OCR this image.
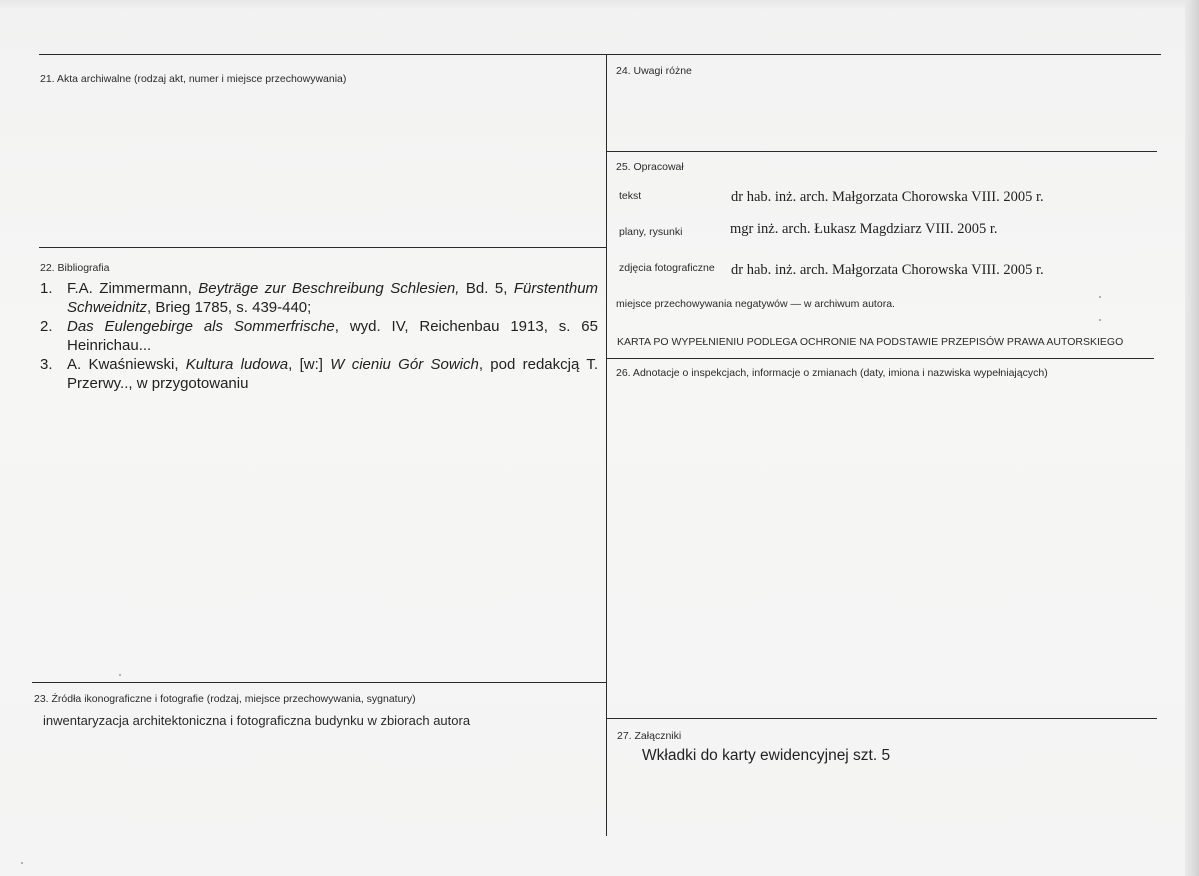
21. Akta archiwalne (rodzaj akt, numer i miejsce przechowywania)
22. Bibliografia
1. F.A. Zimmermann, Beyträge zur Beschreibung Schlesien, Bd. 5, Fürstenthum Schweidnitz, Brieg 1785, s. 439-440;
2. Das Eulengebirge als Sommerfrische, wyd. IV, Reichenbau 1913, s. 65 Heinrichau...
3. A. Kwaśniewski, Kultura ludowa, [w:] W cieniu Gór Sowich, pod redakcją T. Przerwy.., w przygotowaniu
23. Źródła ikonograficzne i fotografie (rodzaj, miejsce przechowywania, sygnatury)
inwentaryzacja architektoniczna i fotograficzna budynku w zbiorach autora
24. Uwagi różne
25. Opracował
tekst	dr hab. inż. arch. Małgorzata Chorowska VIII. 2005 r.
plany, rysunki	mgr inż. arch. Łukasz Magdziarz VIII. 2005 r.
zdjęcia fotograficzne dr hab. inż. arch. Małgorzata Chorowska VIII. 2005 r.
miejsce przechowywania negatywów — w archiwum autora.
KARTA PO WYPEŁNIENIU PODLEGA OCHRONIE NA PODSTAWIE PRZEPISÓW PRAWA AUTORSKIEGO
26. Adnotacje o inspekcjach, informacje o zmianach (daty, imiona i nazwiska wypełniających)
27. Załączniki
Wkładki do karty ewidencyjnej szt. 5
